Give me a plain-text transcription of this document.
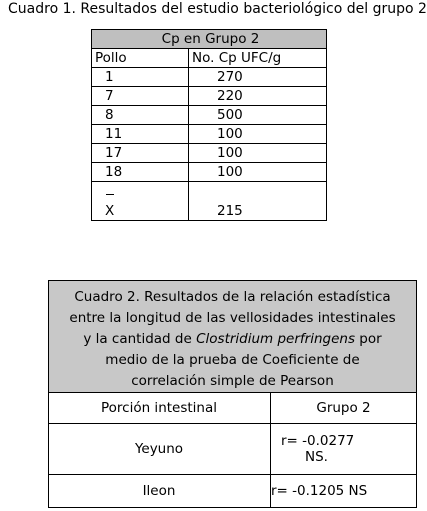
Cuadro 1. Resultados del estudio bacteriológico del grupo 2
Cp en Grupo 2	
Pollo	No. Cp UFC/g
1	270
7	220
8	500
11	100
17	100
18	100
X	215
Cuadro 2. Resultados de la relación estadística
entre la longitud de las vellosidades intestinales
y la cantidad de Clostridium perfringens por
medio de la prueba de Coeficiente de
correlación simple de Pearson	

Porción intestinal	Grupo 2
Yeyuno	r= -0.0277
NS.

Ileon	r= -0.1205 NS
